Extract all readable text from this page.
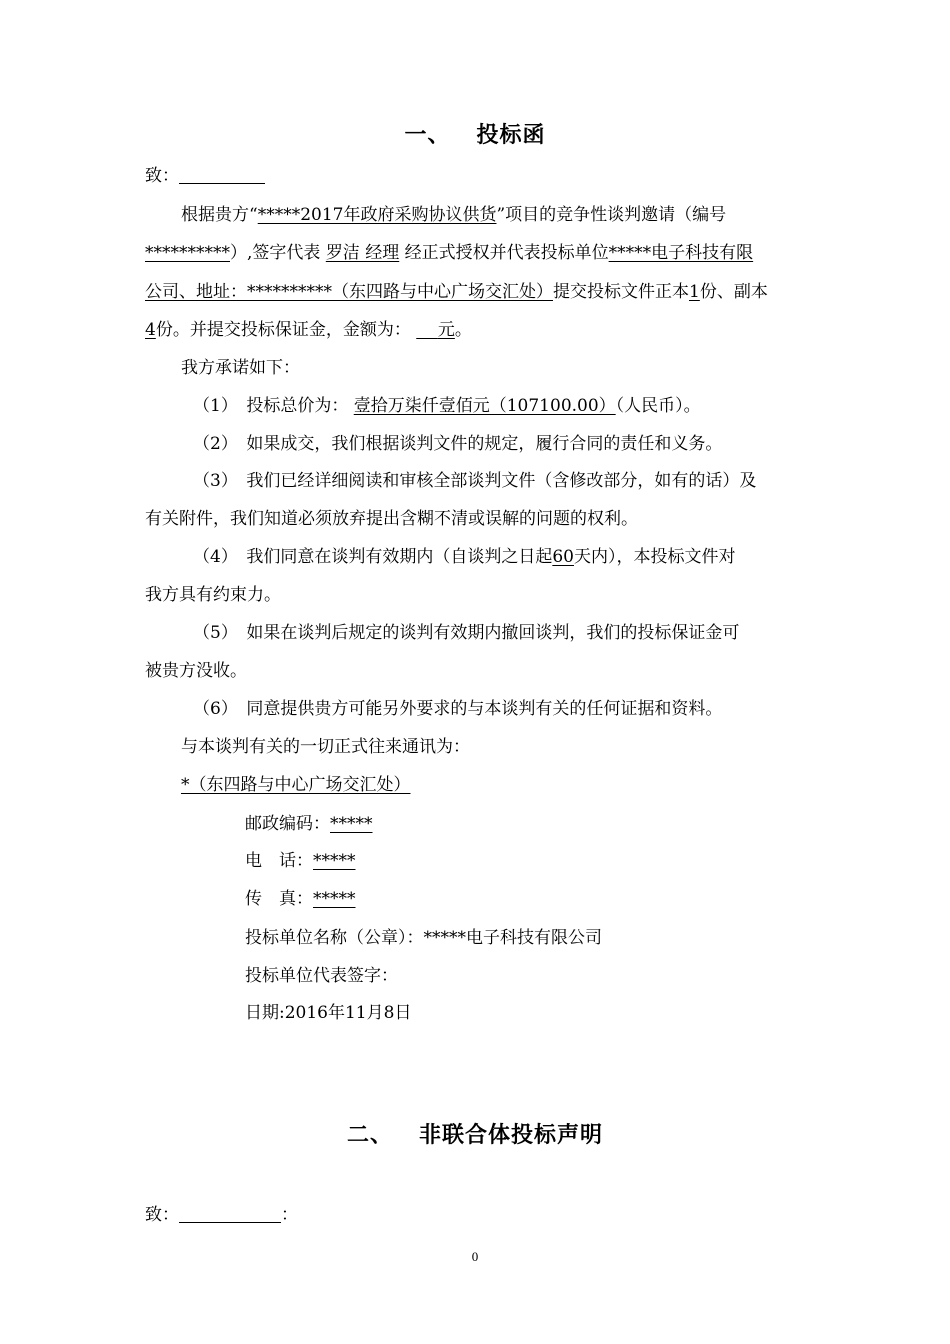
一、 投标函
致：
根据贵方“*****2017年政府采购协议供货”项目的竞争性谈判邀请（编号
**********）,签字代表 罗洁 经理 经正式授权并代表投标单位*****电子科技有限
公司、地址：**********（东四路与中心广场交汇处）提交投标文件正本1份、副本
4份。并提交投标保证金，金额为： 元。
我方承诺如下：
（1）　投标总价为： 壹拾万柒仟壹佰元（107100.00）（人民币）。
（2）　如果成交，我们根据谈判文件的规定，履行合同的责任和义务。
（3）　我们已经详细阅读和审核全部谈判文件（含修改部分，如有的话）及
有关附件，我们知道必须放弃提出含糊不清或误解的问题的权利。
（4）　我们同意在谈判有效期内（自谈判之日起60天内），本投标文件对
我方具有约束力。
（5）　如果在谈判后规定的谈判有效期内撤回谈判，我们的投标保证金可
被贵方没收。
（6）　同意提供贵方可能另外要求的与本谈判有关的任何证据和资料。
与本谈判有关的一切正式往来通讯为：
*（东四路与中心广场交汇处）
邮政编码：*****
电　话：*****
传　真：*****
投标单位名称（公章）：*****电子科技有限公司
投标单位代表签字：
日期:2016年11月8日
二、 非联合体投标声明
致：	：
0
